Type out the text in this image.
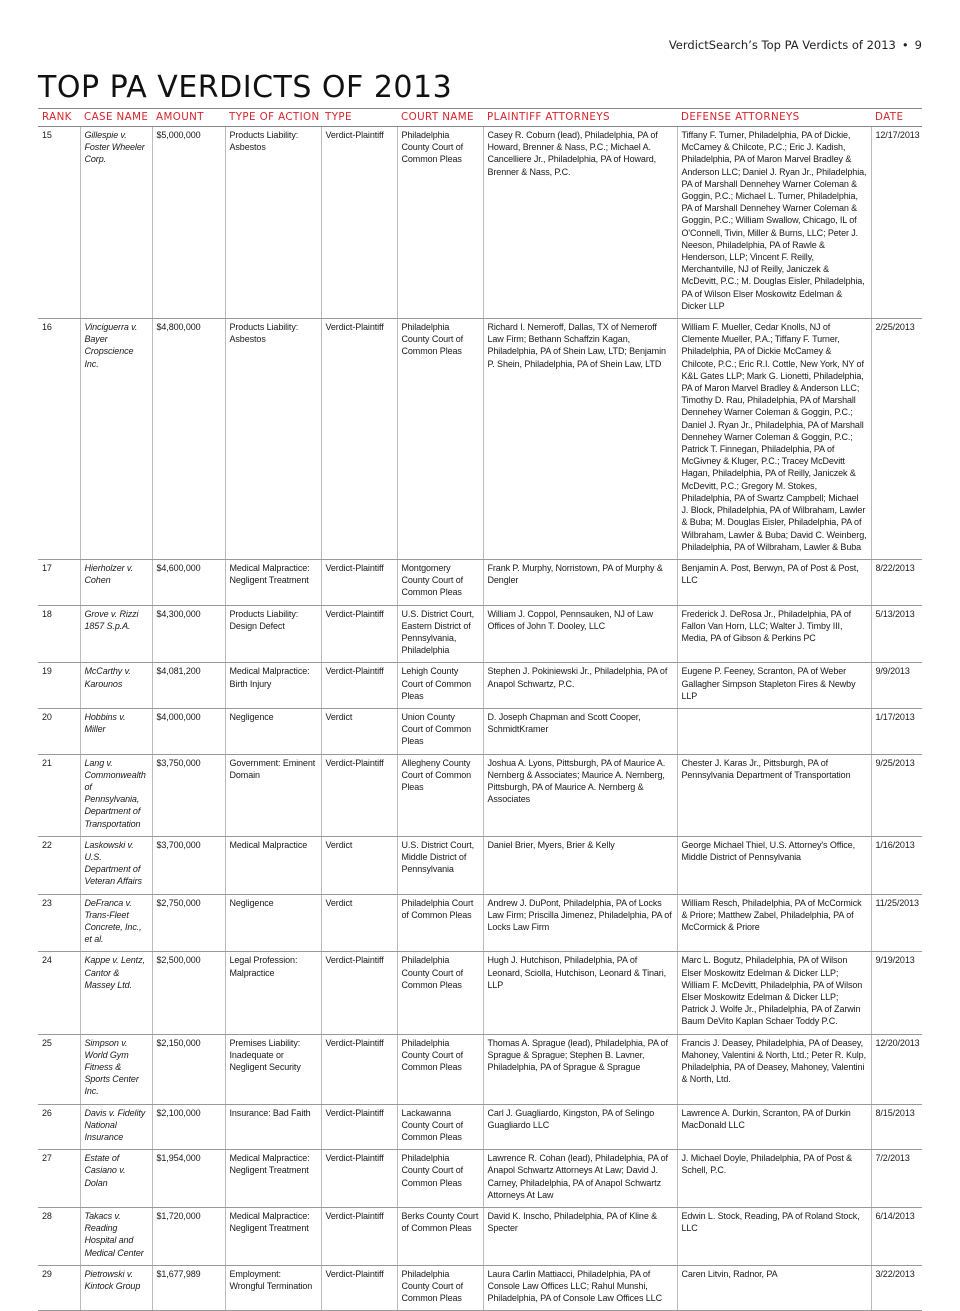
VerdictSearch’s Top PA Verdicts of 2013 • 9
TOP PA VERDICTS OF 2013
RANK	CASE NAME	AMOUNT	TYPE OF ACTION	TYPE	COURT NAME	PLAINTIFF ATTORNEYS	DEFENSE ATTORNEYS	DATE
15	Gillespie v. Foster Wheeler Corp.	$5,000,000	Products Liability: Asbestos	Verdict-Plaintiff	Philadelphia County Court of Common Pleas	Casey R. Coburn (lead), Philadelphia, PA of Howard, Brenner & Nass, P.C.; Michael A. Cancelliere Jr., Philadelphia, PA of Howard, Brenner & Nass, P.C.	Tiffany F. Turner, Philadelphia, PA of Dickie, McCamey & Chilcote, P.C.; Eric J. Kadish, Philadelphia, PA of Maron Marvel Bradley & Anderson LLC; Daniel J. Ryan Jr., Philadelphia, PA of Marshall Dennehey Warner Coleman & Goggin, P.C.; Michael L. Turner, Philadelphia, PA of Marshall Dennehey Warner Coleman & Goggin, P.C.; William Swallow, Chicago, IL of O'Connell, Tivin, Miller & Burns, LLC; Peter J. Neeson, Philadelphia, PA of Rawle & Henderson, LLP; Vincent F. Reilly, Merchantville, NJ of Reilly, Janiczek & McDevitt, P.C.; M. Douglas Eisler, Philadelphia, PA of Wilson Elser Moskowitz Edelman & Dicker LLP	12/17/2013
16	Vinciguerra v. Bayer Cropscience Inc.	$4,800,000	Products Liability: Asbestos	Verdict-Plaintiff	Philadelphia County Court of Common Pleas	Richard I. Nemeroff, Dallas, TX of Nemeroff Law Firm; Bethann Schaffzin Kagan, Philadelphia, PA of Shein Law, LTD; Benjamin P. Shein, Philadelphia, PA of Shein Law, LTD	William F. Mueller, Cedar Knolls, NJ of Clemente Mueller, P.A.; Tiffany F. Turner, Philadelphia, PA of Dickie McCamey & Chilcote, P.C.; Eric R.I. Cottle, New York, NY of K&L Gates LLP; Mark G. Lionetti, Philadelphia, PA of Maron Marvel Bradley & Anderson LLC; Timothy D. Rau, Philadelphia, PA of Marshall Dennehey Warner Coleman & Goggin, P.C.; Daniel J. Ryan Jr., Philadelphia, PA of Marshall Dennehey Warner Coleman & Goggin, P.C.; Patrick T. Finnegan, Philadelphia, PA of McGivney & Kluger, P.C.; Tracey McDevitt Hagan, Philadelphia, PA of Reilly, Janiczek & McDevitt, P.C.; Gregory M. Stokes, Philadelphia, PA of Swartz Campbell; Michael J. Block, Philadelphia, PA of Wilbraham, Lawler & Buba; M. Douglas Eisler, Philadelphia, PA of Wilbraham, Lawler & Buba; David C. Weinberg, Philadelphia, PA of Wilbraham, Lawler & Buba	2/25/2013
17	Hierholzer v. Cohen	$4,600,000	Medical Malpractice: Negligent Treatment	Verdict-Plaintiff	Montgomery County Court of Common Pleas	Frank P. Murphy, Norristown, PA of Murphy & Dengler	Benjamin A. Post, Berwyn, PA of Post & Post, LLC	8/22/2013
18	Grove v. Rizzi 1857 S.p.A.	$4,300,000	Products Liability: Design Defect	Verdict-Plaintiff	U.S. District Court, Eastern District of Pennsylvania, Philadelphia	William J. Coppol, Pennsauken, NJ of Law Offices of John T. Dooley, LLC	Frederick J. DeRosa Jr., Philadelphia, PA of Fallon Van Horn, LLC; Walter J. Timby III, Media, PA of Gibson & Perkins PC	5/13/2013
19	McCarthy v. Karounos	$4,081,200	Medical Malpractice: Birth Injury	Verdict-Plaintiff	Lehigh County Court of Common Pleas	Stephen J. Pokiniewski Jr., Philadelphia, PA of Anapol Schwartz, P.C.	Eugene P. Feeney, Scranton, PA of Weber Gallagher Simpson Stapleton Fires & Newby LLP	9/9/2013
20	Hobbins v. Miller	$4,000,000	Negligence	Verdict	Union County Court of Common Pleas	D. Joseph Chapman and Scott Cooper, SchmidtKramer		1/17/2013
21	Lang v. Commonwealth of Pennsylvania, Department of Transportation	$3,750,000	Government: Eminent Domain	Verdict-Plaintiff	Allegheny County Court of Common Pleas	Joshua A. Lyons, Pittsburgh, PA of Maurice A. Nernberg & Associates; Maurice A. Nernberg, Pittsburgh, PA of Maurice A. Nernberg & Associates	Chester J. Karas Jr., Pittsburgh, PA of Pennsylvania Department of Transportation	9/25/2013
22	Laskowski v. U.S. Department of Veteran Affairs	$3,700,000	Medical Malpractice	Verdict	U.S. District Court, Middle District of Pennsylvania	Daniel Brier, Myers, Brier & Kelly	George Michael Thiel, U.S. Attorney's Office, Middle District of Pennsylvania	1/16/2013
23	DeFranca v. Trans-Fleet Concrete, Inc., et al.	$2,750,000	Negligence	Verdict	Philadelphia Court of Common Pleas	Andrew J. DuPont, Philadelphia, PA of Locks Law Firm; Priscilla Jimenez, Philadelphia, PA of Locks Law Firm	William Resch, Philadelphia, PA of McCormick & Priore; Matthew Zabel, Philadelphia, PA of McCormick & Priore	11/25/2013
24	Kappe v. Lentz, Cantor & Massey Ltd.	$2,500,000	Legal Profession: Malpractice	Verdict-Plaintiff	Philadelphia County Court of Common Pleas	Hugh J. Hutchison, Philadelphia, PA of Leonard, Sciolla, Hutchison, Leonard & Tinari, LLP	Marc L. Bogutz, Philadelphia, PA of Wilson Elser Moskowitz Edelman & Dicker LLP; William F. McDevitt, Philadelphia, PA of Wilson Elser Moskowitz Edelman & Dicker LLP; Patrick J. Wolfe Jr., Philadelphia, PA of Zarwin Baum DeVito Kaplan Schaer Toddy P.C.	9/19/2013
25	Simpson v. World Gym Fitness & Sports Center Inc.	$2,150,000	Premises Liability: Inadequate or Negligent Security	Verdict-Plaintiff	Philadelphia County Court of Common Pleas	Thomas A. Sprague (lead), Philadelphia, PA of Sprague & Sprague; Stephen B. Lavner, Philadelphia, PA of Sprague & Sprague	Francis J. Deasey, Philadelphia, PA of Deasey, Mahoney, Valentini & North, Ltd.; Peter R. Kulp, Philadelphia, PA of Deasey, Mahoney, Valentini & North, Ltd.	12/20/2013
26	Davis v. Fidelity National Insurance	$2,100,000	Insurance: Bad Faith	Verdict-Plaintiff	Lackawanna County Court of Common Pleas	Carl J. Guagliardo, Kingston, PA of Selingo Guagliardo LLC	Lawrence A. Durkin, Scranton, PA of Durkin MacDonald LLC	8/15/2013
27	Estate of Casiano v. Dolan	$1,954,000	Medical Malpractice: Negligent Treatment	Verdict-Plaintiff	Philadelphia County Court of Common Pleas	Lawrence R. Cohan (lead), Philadelphia, PA of Anapol Schwartz Attorneys At Law; David J. Carney, Philadelphia, PA of Anapol Schwartz Attorneys At Law	J. Michael Doyle, Philadelphia, PA of Post & Schell, P.C.	7/2/2013
28	Takacs v. Reading Hospital and Medical Center	$1,720,000	Medical Malpractice: Negligent Treatment	Verdict-Plaintiff	Berks County Court of Common Pleas	David K. Inscho, Philadelphia, PA of Kline & Specter	Edwin L. Stock, Reading, PA of Roland Stock, LLC	6/14/2013
29	Pietrowski v. Kintock Group	$1,677,989	Employment: Wrongful Termination	Verdict-Plaintiff	Philadelphia County Court of Common Pleas	Laura Carlin Mattiacci, Philadelphia, PA of Console Law Offices LLC; Rahul Munshi, Philadelphia, PA of Console Law Offices LLC	Caren Litvin, Radnor, PA	3/22/2013
